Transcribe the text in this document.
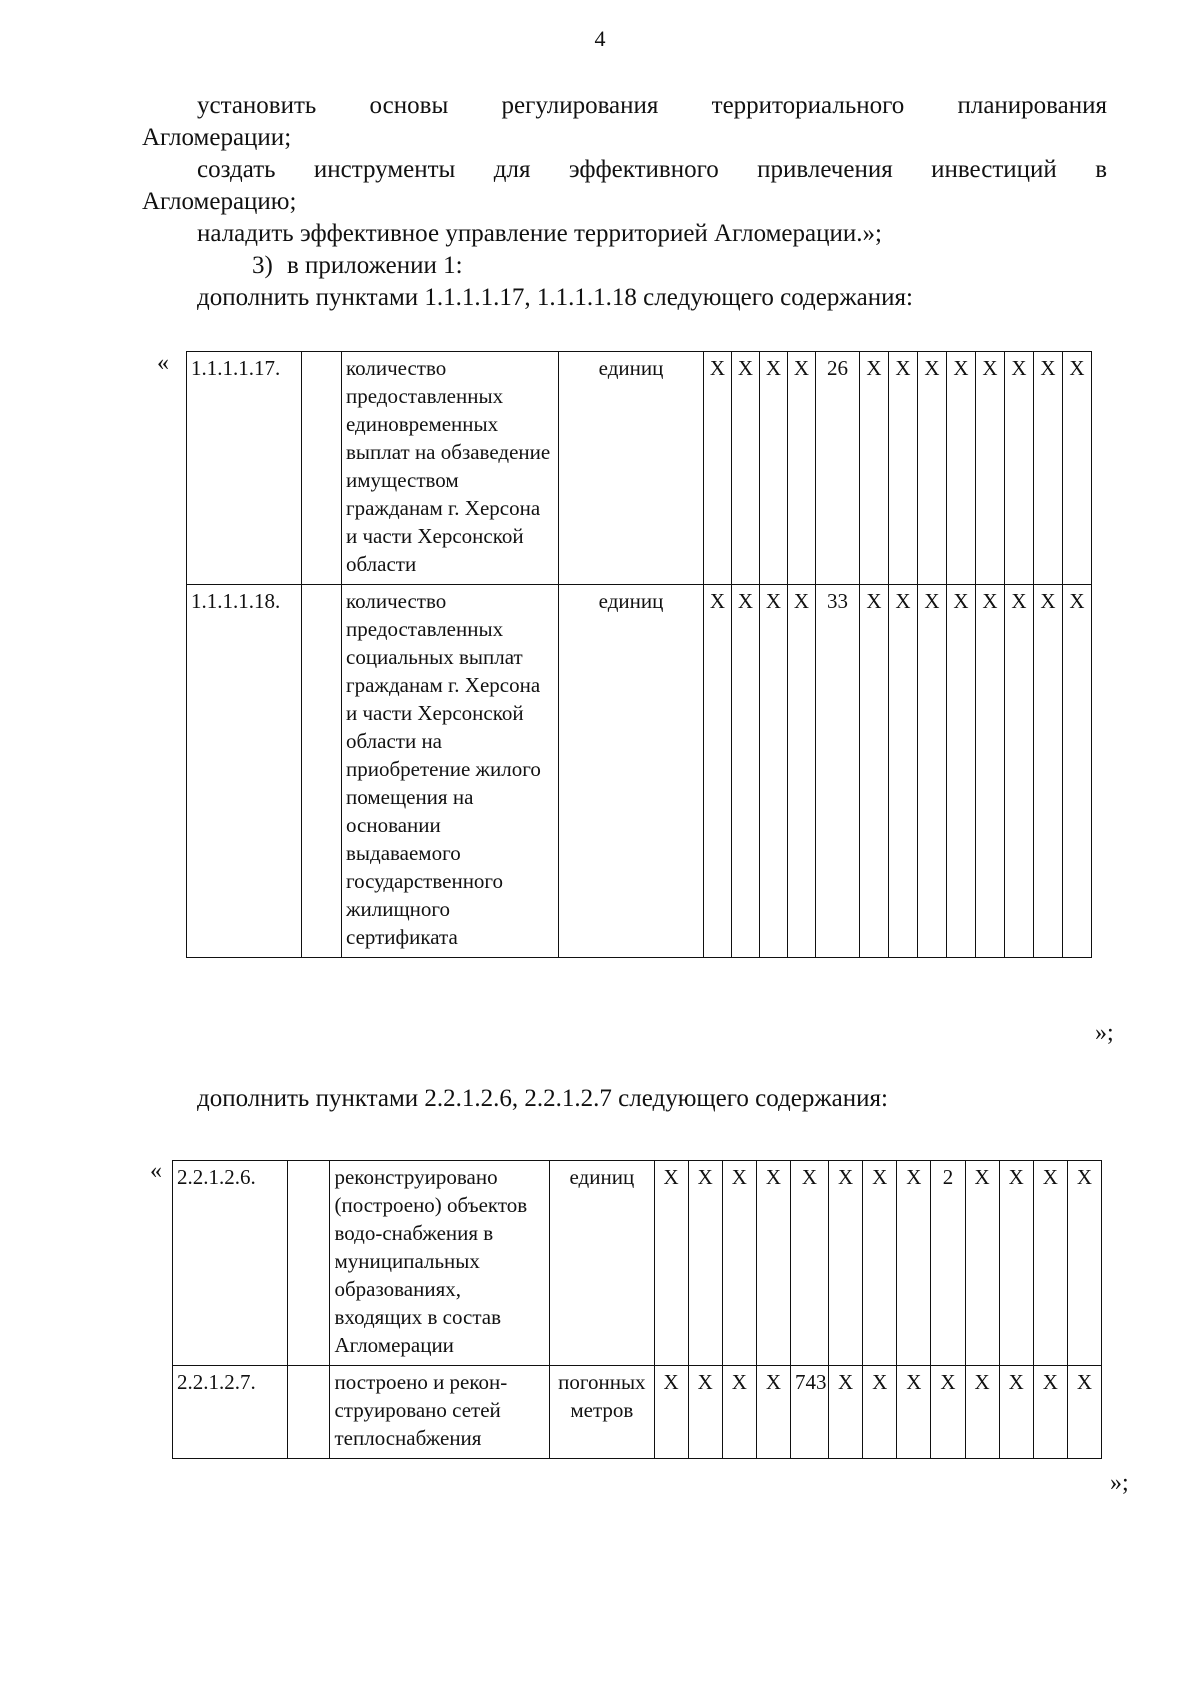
4
установить основы регулирования территориального планирования
Агломерации;
создать инструменты для эффективного привлечения инвестиций в
Агломерацию;
наладить эффективное управление территорией Агломерации.»;
3) в приложении 1:
дополнить пунктами 1.1.1.1.17, 1.1.1.1.18 следующего содержания:
« 1.1.1.1.17.		количество предоставленных единовременных выплат на обзаведение имуществом гражданам г. Херсона и части Херсонской области	единиц	X	X	X	X	26	X	X	X	X	X	X	X	X
1.1.1.1.18.		количество предоставленных социальных выплат гражданам г. Херсона и части Херсонской области на приобретение жилого помещения на основании выдаваемого государственного жилищного сертификата	единиц	X	X	X	X	33	X	X	X	X	X	X	X	X
»;
дополнить пунктами 2.2.1.2.6, 2.2.1.2.7 следующего содержания:
« 2.2.1.2.6.		реконструировано (построено) объектов водо-снабжения в муниципальных образованиях, входящих в состав Агломерации	единиц	X	X	X	X	X	X	X	X	2	X	X	X	X
2.2.1.2.7.		построено и рекон-струировано сетей теплоснабжения	погонных метров	X	X	X	X	743	X	X	X	X	X	X	X	X
»;
